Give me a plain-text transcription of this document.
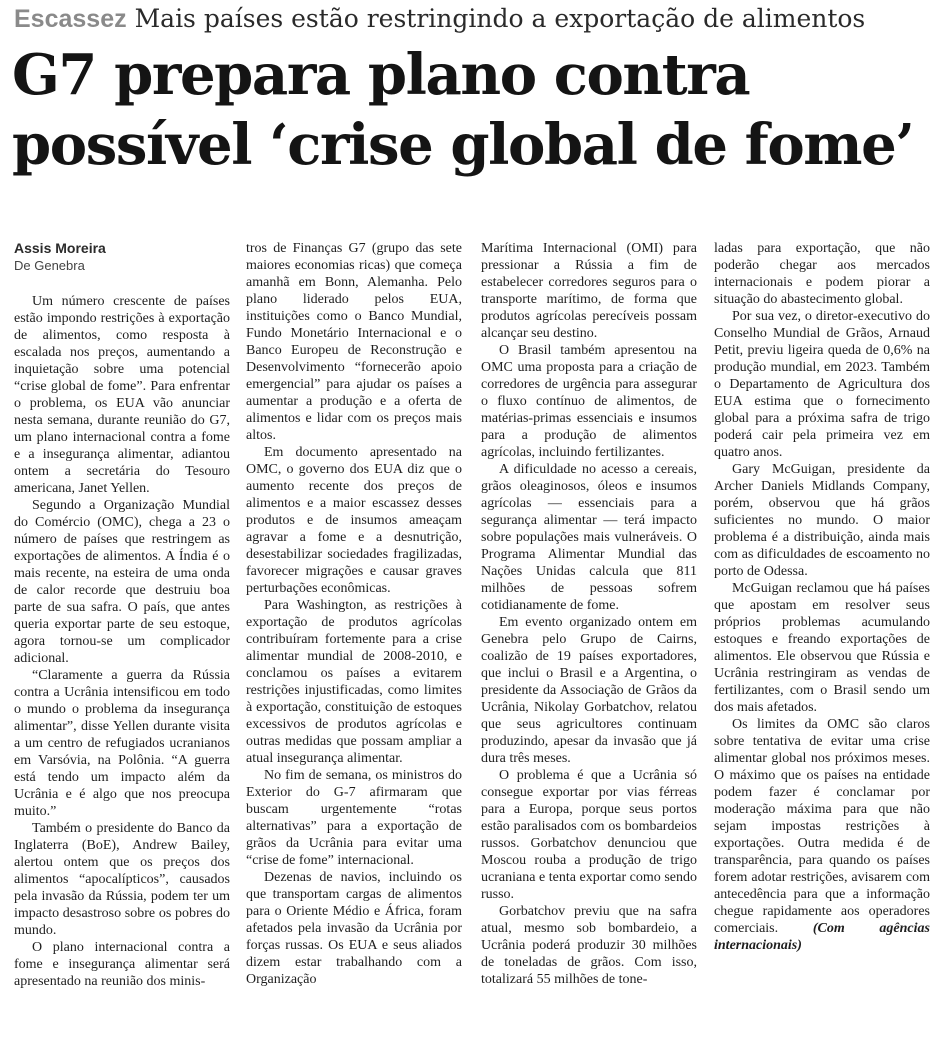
Escassez Mais países estão restringindo a exportação de alimentos
G7 prepara plano contra
possível ‘crise global de fome’
Assis Moreira
De Genebra

Um número crescente de países estão impondo restrições à exportação de alimentos, como resposta à escalada nos preços, aumentando a inquietação sobre uma potencial “crise global de fome”. Para enfrentar o problema, os EUA vão anunciar nesta semana, durante reunião do G7, um plano internacional contra a fome e a insegurança alimentar, adiantou ontem a secretária do Tesouro americana, Janet Yellen.

Segundo a Organização Mundial do Comércio (OMC), chega a 23 o número de países que restringem as exportações de alimentos. A Índia é o mais recente, na esteira de uma onda de calor recorde que destruiu boa parte de sua safra. O país, que antes queria exportar parte de seu estoque, agora tornou-se um complicador adicional.

“Claramente a guerra da Rússia contra a Ucrânia intensificou em todo o mundo o problema da insegurança alimentar”, disse Yellen durante visita a um centro de refugiados ucranianos em Varsóvia, na Polônia. “A guerra está tendo um impacto além da Ucrânia e é algo que nos preocupa muito.”

Também o presidente do Banco da Inglaterra (BoE), Andrew Bailey, alertou ontem que os preços dos alimentos “apocalípticos”, causados pela invasão da Rússia, podem ter um impacto desastroso sobre os pobres do mundo.

O plano internacional contra a fome e insegurança alimentar será apresentado na reunião dos minis-

tros de Finanças G7 (grupo das sete maiores economias ricas) que começa amanhã em Bonn, Alemanha. Pelo plano liderado pelos EUA, instituições como o Banco Mundial, Fundo Monetário Internacional e o Banco Europeu de Reconstrução e Desenvolvimento “fornecerão apoio emergencial” para ajudar os países a aumentar a produção e a oferta de alimentos e lidar com os preços mais altos.

Em documento apresentado na OMC, o governo dos EUA diz que o aumento recente dos preços de alimentos e a maior escassez desses produtos e de insumos ameaçam agravar a fome e a desnutrição, desestabilizar sociedades fragilizadas, favorecer migrações e causar graves perturbações econômicas.

Para Washington, as restrições à exportação de produtos agrícolas contribuíram fortemente para a crise alimentar mundial de 2008-2010, e conclamou os países a evitarem restrições injustificadas, como limites à exportação, constituição de estoques excessivos de produtos agrícolas e outras medidas que possam ampliar a atual insegurança alimentar.

No fim de semana, os ministros do Exterior do G-7 afirmaram que buscam urgentemente “rotas alternativas” para a exportação de grãos da Ucrânia para evitar uma “crise de fome” internacional.

Dezenas de navios, incluindo os que transportam cargas de alimentos para o Oriente Médio e África, foram afetados pela invasão da Ucrânia por forças russas. Os EUA e seus aliados dizem estar trabalhando com a Organização

Marítima Internacional (OMI) para pressionar a Rússia a fim de estabelecer corredores seguros para o transporte marítimo, de forma que produtos agrícolas perecíveis possam alcançar seu destino.

O Brasil também apresentou na OMC uma proposta para a criação de corredores de urgência para assegurar o fluxo contínuo de alimentos, de matérias-primas essenciais e insumos para a produção de alimentos agrícolas, incluindo fertilizantes.

A dificuldade no acesso a cereais, grãos oleaginosos, óleos e insumos agrícolas — essenciais para a segurança alimentar — terá impacto sobre populações mais vulneráveis. O Programa Alimentar Mundial das Nações Unidas calcula que 811 milhões de pessoas sofrem cotidianamente de fome.

Em evento organizado ontem em Genebra pelo Grupo de Cairns, coalizão de 19 países exportadores, que inclui o Brasil e a Argentina, o presidente da Associação de Grãos da Ucrânia, Nikolay Gorbatchov, relatou que seus agricultores continuam produzindo, apesar da invasão que já dura três meses.

O problema é que a Ucrânia só consegue exportar por vias férreas para a Europa, porque seus portos estão paralisados com os bombardeios russos. Gorbatchov denunciou que Moscou rouba a produção de trigo ucraniana e tenta exportar como sendo russo.

Gorbatchov previu que na safra atual, mesmo sob bombardeio, a Ucrânia poderá produzir 30 milhões de toneladas de grãos. Com isso, totalizará 55 milhões de tone-

ladas para exportação, que não poderão chegar aos mercados internacionais e podem piorar a situação do abastecimento global.

Por sua vez, o diretor-executivo do Conselho Mundial de Grãos, Arnaud Petit, previu ligeira queda de 0,6% na produção mundial, em 2023. Também o Departamento de Agricultura dos EUA estima que o fornecimento global para a próxima safra de trigo poderá cair pela primeira vez em quatro anos.

Gary McGuigan, presidente da Archer Daniels Midlands Company, porém, observou que há grãos suficientes no mundo. O maior problema é a distribuição, ainda mais com as dificuldades de escoamento no porto de Odessa.

McGuigan reclamou que há países que apostam em resolver seus próprios problemas acumulando estoques e freando exportações de alimentos. Ele observou que Rússia e Ucrânia restringiram as vendas de fertilizantes, com o Brasil sendo um dos mais afetados.

Os limites da OMC são claros sobre tentativa de evitar uma crise alimentar global nos próximos meses. O máximo que os países na entidade podem fazer é conclamar por moderação máxima para que não sejam impostas restrições à exportações. Outra medida é de transparência, para quando os países forem adotar restrições, avisarem com antecedência para que a informação chegue rapidamente aos operadores comerciais. (Com agências internacionais)
